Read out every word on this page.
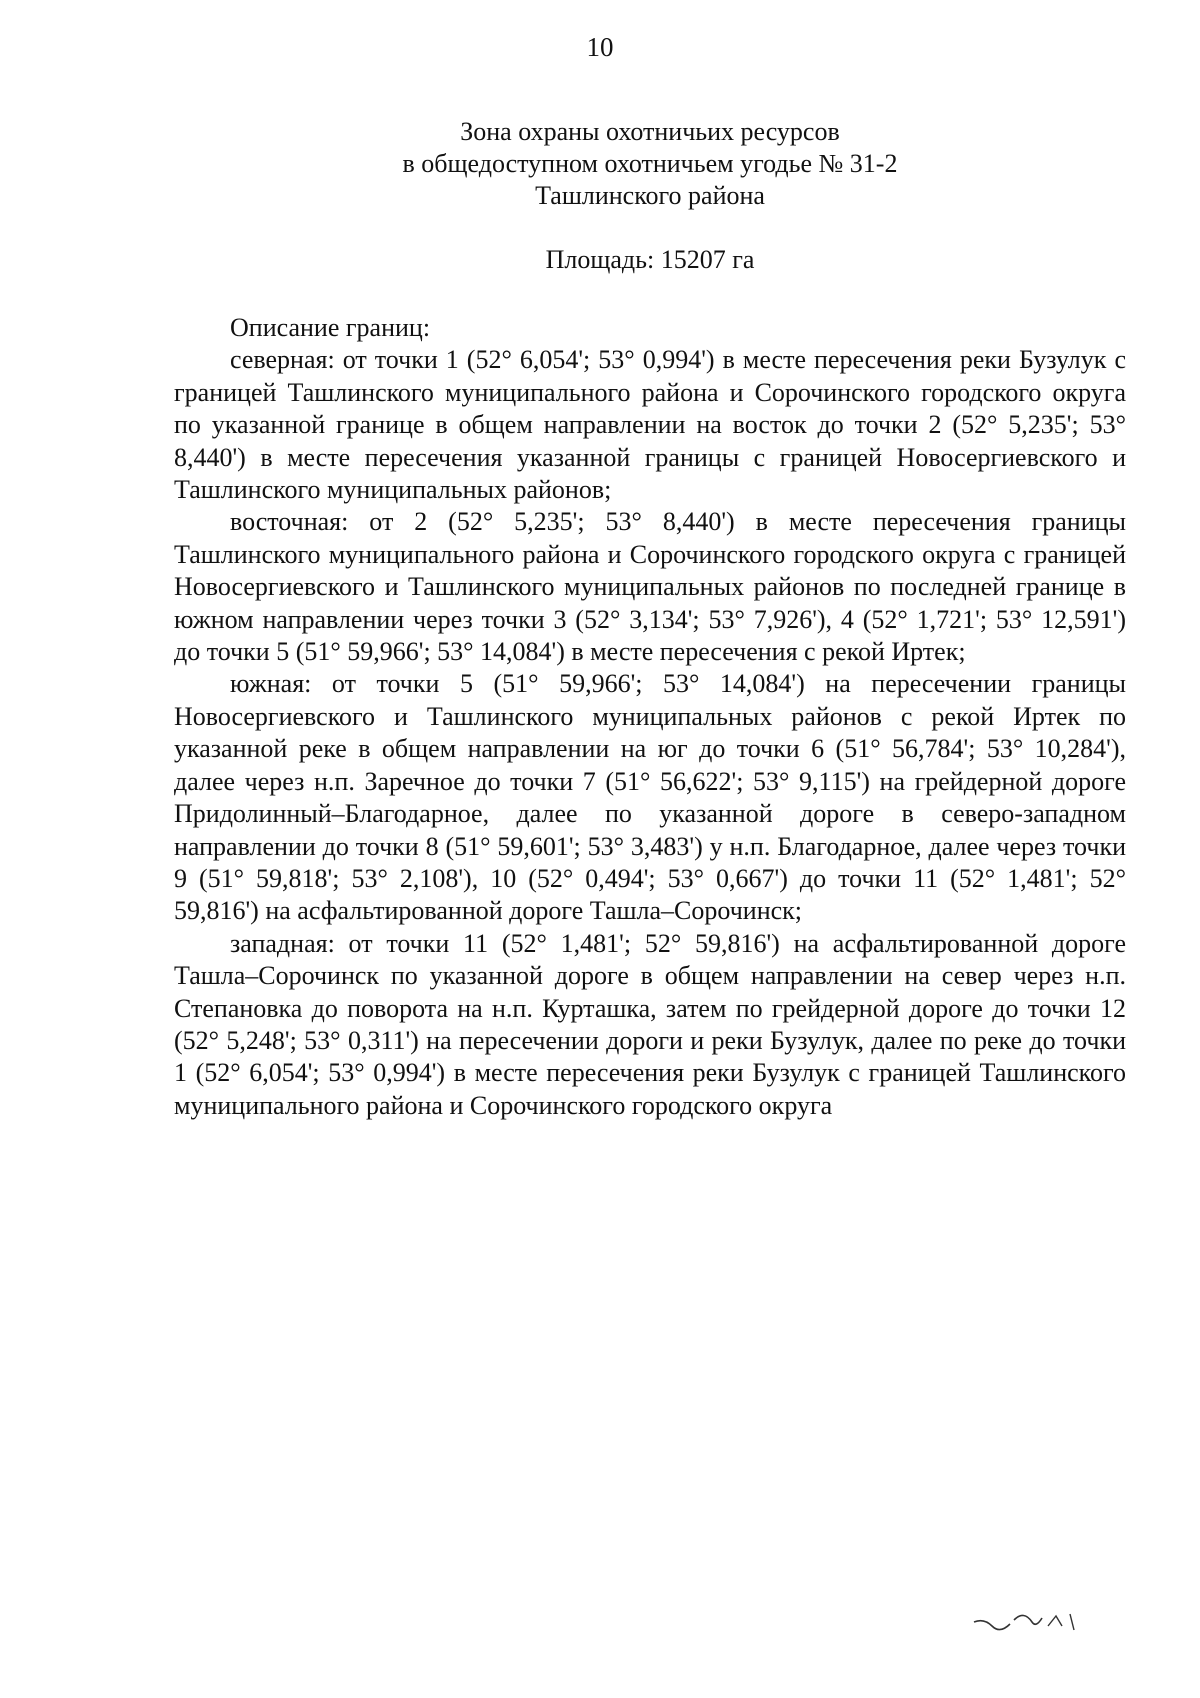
10
Зона охраны охотничьих ресурсов
в общедоступном охотничьем угодье № 31-2
Ташлинского района
Площадь: 15207 га

Описание границ:

северная: от точки 1 (52° 6,054'; 53° 0,994') в месте пересечения реки Бузулук с границей Ташлинского муниципального района и Сорочинского городского округа по указанной границе в общем направлении на восток до точки 2 (52° 5,235'; 53° 8,440') в месте пересечения указанной границы с границей Новосергиевского и Ташлинского муниципальных районов;

восточная: от 2 (52° 5,235'; 53° 8,440') в месте пересечения границы Ташлинского муниципального района и Сорочинского городского округа с границей Новосергиевского и Ташлинского муниципальных районов по последней границе в южном направлении через точки 3 (52° 3,134'; 53° 7,926'), 4 (52° 1,721'; 53° 12,591') до точки 5 (51° 59,966'; 53° 14,084') в месте пересечения с рекой Иртек;

южная: от точки 5 (51° 59,966'; 53° 14,084') на пересечении границы Новосергиевского и Ташлинского муниципальных районов с рекой Иртек по указанной реке в общем направлении на юг до точки 6 (51° 56,784'; 53° 10,284'), далее через н.п. Заречное до точки 7 (51° 56,622'; 53° 9,115') на грейдерной дороге Придолинный–Благодарное, далее по указанной дороге в северо-западном направлении до точки 8 (51° 59,601'; 53° 3,483') у н.п. Благодарное, далее через точки 9 (51° 59,818'; 53° 2,108'), 10 (52° 0,494'; 53° 0,667') до точки 11 (52° 1,481'; 52° 59,816') на асфальтированной дороге Ташла–Сорочинск;

западная: от точки 11 (52° 1,481'; 52° 59,816') на асфальтированной дороге Ташла–Сорочинск по указанной дороге в общем направлении на север через н.п. Степановка до поворота на н.п. Курташка, затем по грейдерной дороге до точки 12 (52° 5,248'; 53° 0,311') на пересечении дороги и реки Бузулук, далее по реке до точки 1 (52° 6,054'; 53° 0,994') в месте пересечения реки Бузулук с границей Ташлинского муниципального района и Сорочинского городского округа
